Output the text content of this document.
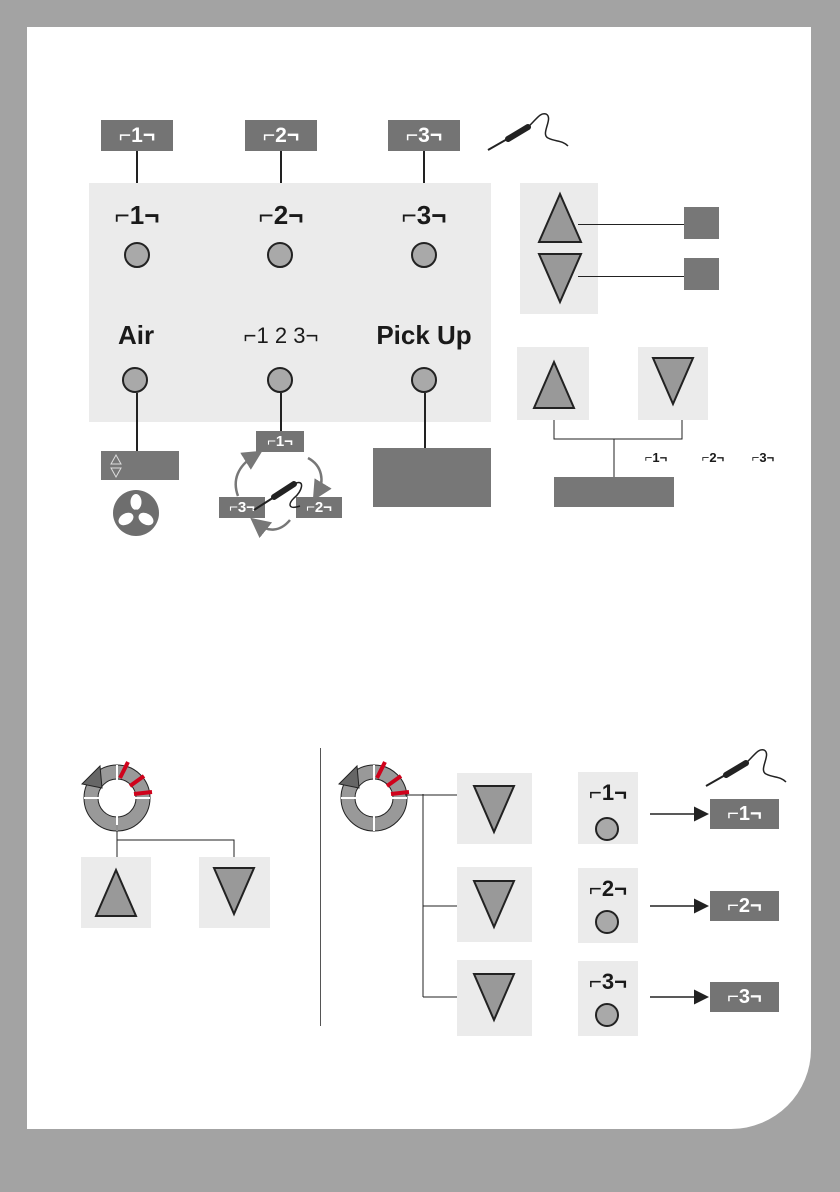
⌐1¬	⌐2¬	⌐3¬
⌐1¬	⌐2¬	⌐3¬
Air	⌐1 2 3¬	Pick Up
⌐1¬
⌐2¬
⌐3¬
⌐1¬	⌐2¬	⌐3¬
⌐1¬
⌐2¬
⌐3¬
⌐1¬
⌐2¬
⌐3¬
